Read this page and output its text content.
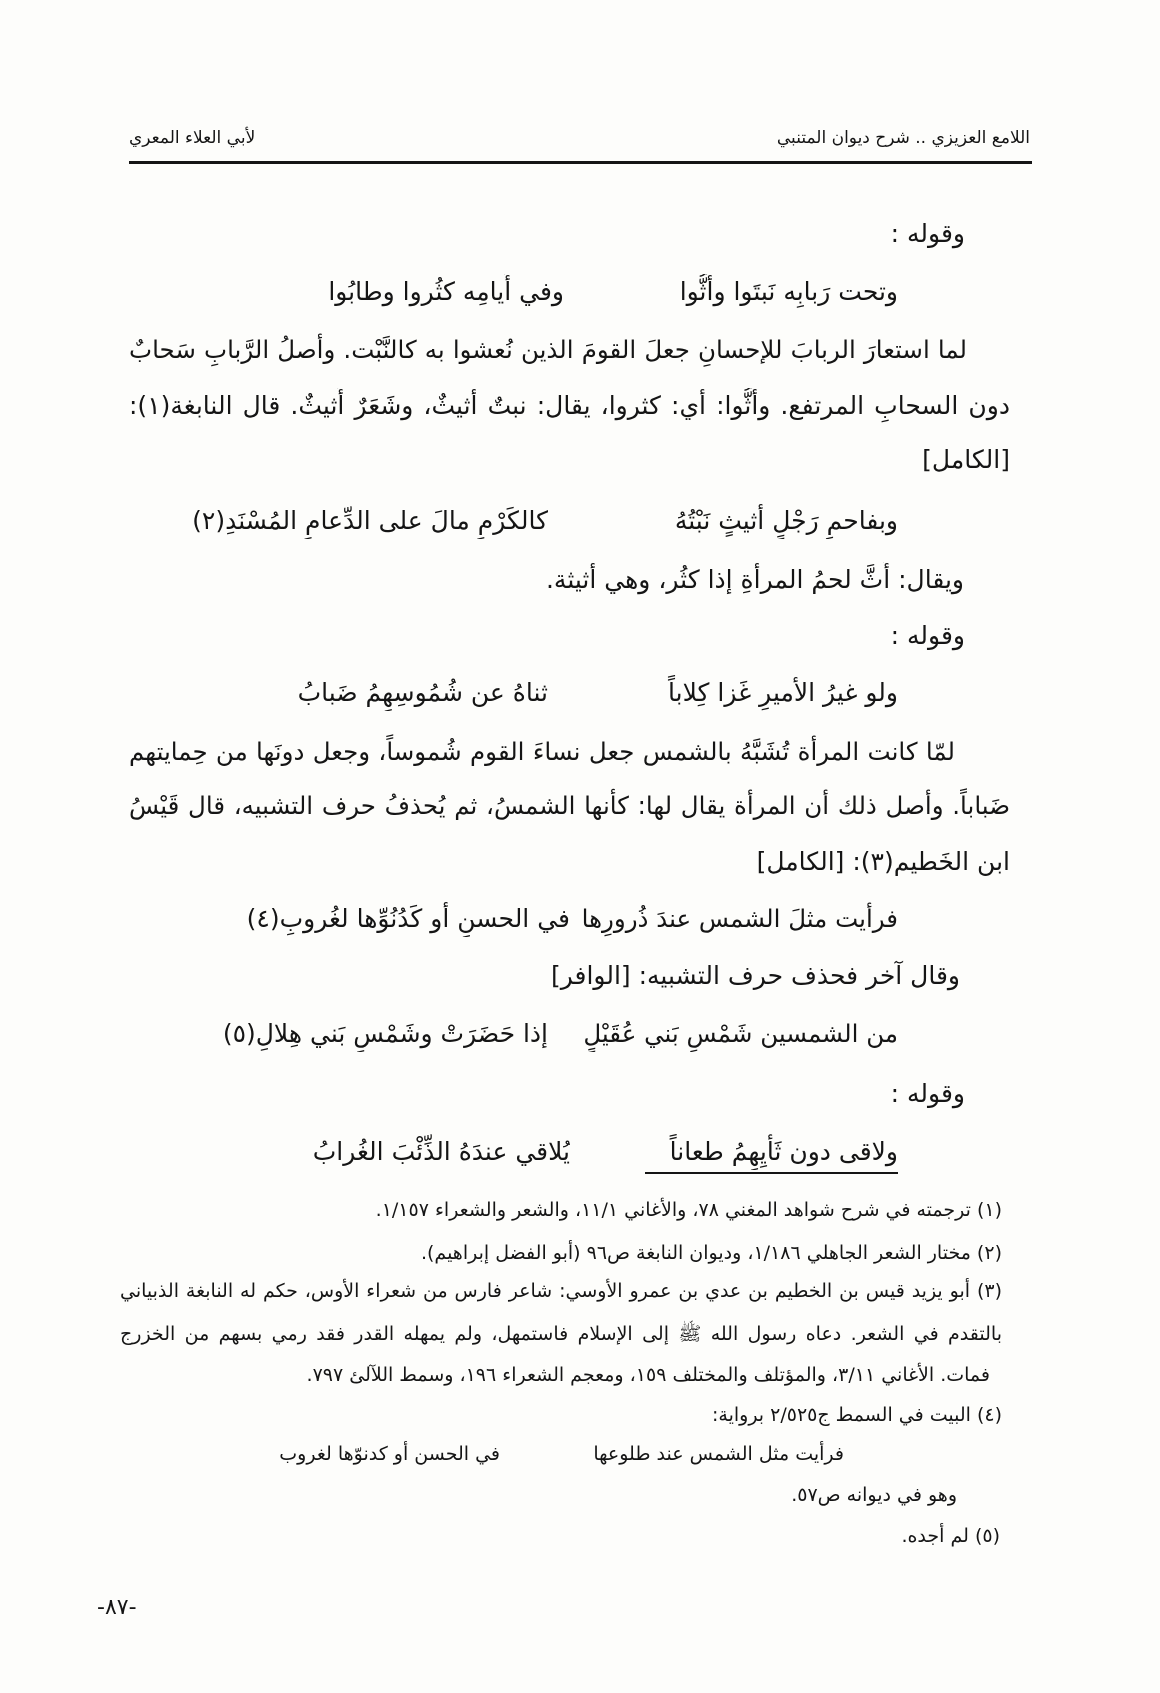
اللامع العزيزي .. شرح ديوان المتنبي
لأبي العلاء المعري
وقوله :
وتحت رَبابِه نَبتَوا وأَثُّوا
وفي أَيامِه كثُروا وطابُوا
لما استعارَ الربابَ للإحسانِ جعلَ القومَ الذين نُعشوا به كالنَّبْت. وأصلُ الرَّبابِ سَحابٌ
دون السحابِ المرتفع. وأَثُّوا: أي: كثروا، يقال: نبتٌ أثيثٌ، وشَعَرٌ أَثيثٌ. قال النابغة(١):
[الكامل]
وبفاحمٍ رَجْلٍ أثيثٍ نَبْتُهُ
كالكَرْمِ مالَ على الدِّعامِ المُسْنَدِ(٢)
ويقال: أَثَّ لحمُ المرأةِ إذا كثُر، وهي أثيثة.
وقوله :
ولو غيرُ الأميرِ غَزا كِلاباً
ثناهُ عن شُمُوسِهِمُ ضَبابُ
لمّا كانت المرأة تُشَبَّهُ بالشمس جعل نساءَ القوم شُموساً، وجعل دونَها من حِمايتهم
ضَباباً. وأصل ذلك أن المرأة يقال لها: كأنها الشمسُ، ثم يُحذفُ حرف التشبيه، قال قَيْسُ
ابن الخَطيم(٣): [الكامل]
فرأيت مثلَ الشمس عندَ ذُرورِها
في الحسنِ أو كَدُنُوِّها لغُروبِ(٤)
وقال آخر فحذف حرف التشبيه: [الوافر]
من الشمسين شَمْسِ بَني عُقَيْلٍ
إذا حَضَرَتْ وشَمْسِ بَني هِلالِ(٥)
وقوله :
ولاقى دون ثَأْيِهِمُ طعاناً
يُلاقي عندَهُ الذِّئْبَ الغُرابُ
(١) ترجمته في شرح شواهد المغني ٧٨، والأغاني ١١/١، والشعر والشعراء ١/١٥٧.
(٢) مختار الشعر الجاهلي ١/١٨٦، وديوان النابغة ص٩٦ (أبو الفضل إبراهيم).
(٣) أبو يزيد قيس بن الخطيم بن عدي بن عمرو الأوسي: شاعر فارس من شعراء الأوس، حكم له النابغة الذبياني
بالتقدم في الشعر. دعاه رسول الله ﷺ إلى الإسلام فاستمهل، ولم يمهله القدر فقد رمي بسهم من الخزرج
فمات. الأغاني ٣/١١، والمؤتلف والمختلف ١٥٩، ومعجم الشعراء ١٩٦، وسمط اللآلئ ٧٩٧.
(٤) البيت في السمط ج٢/٥٢٥ برواية:
فرأيت مثل الشمس عند طلوعها
في الحسن أو كدنوّها لغروب
وهو في ديوانه ص٥٧.
(٥) لم أجده.
-٨٧-
